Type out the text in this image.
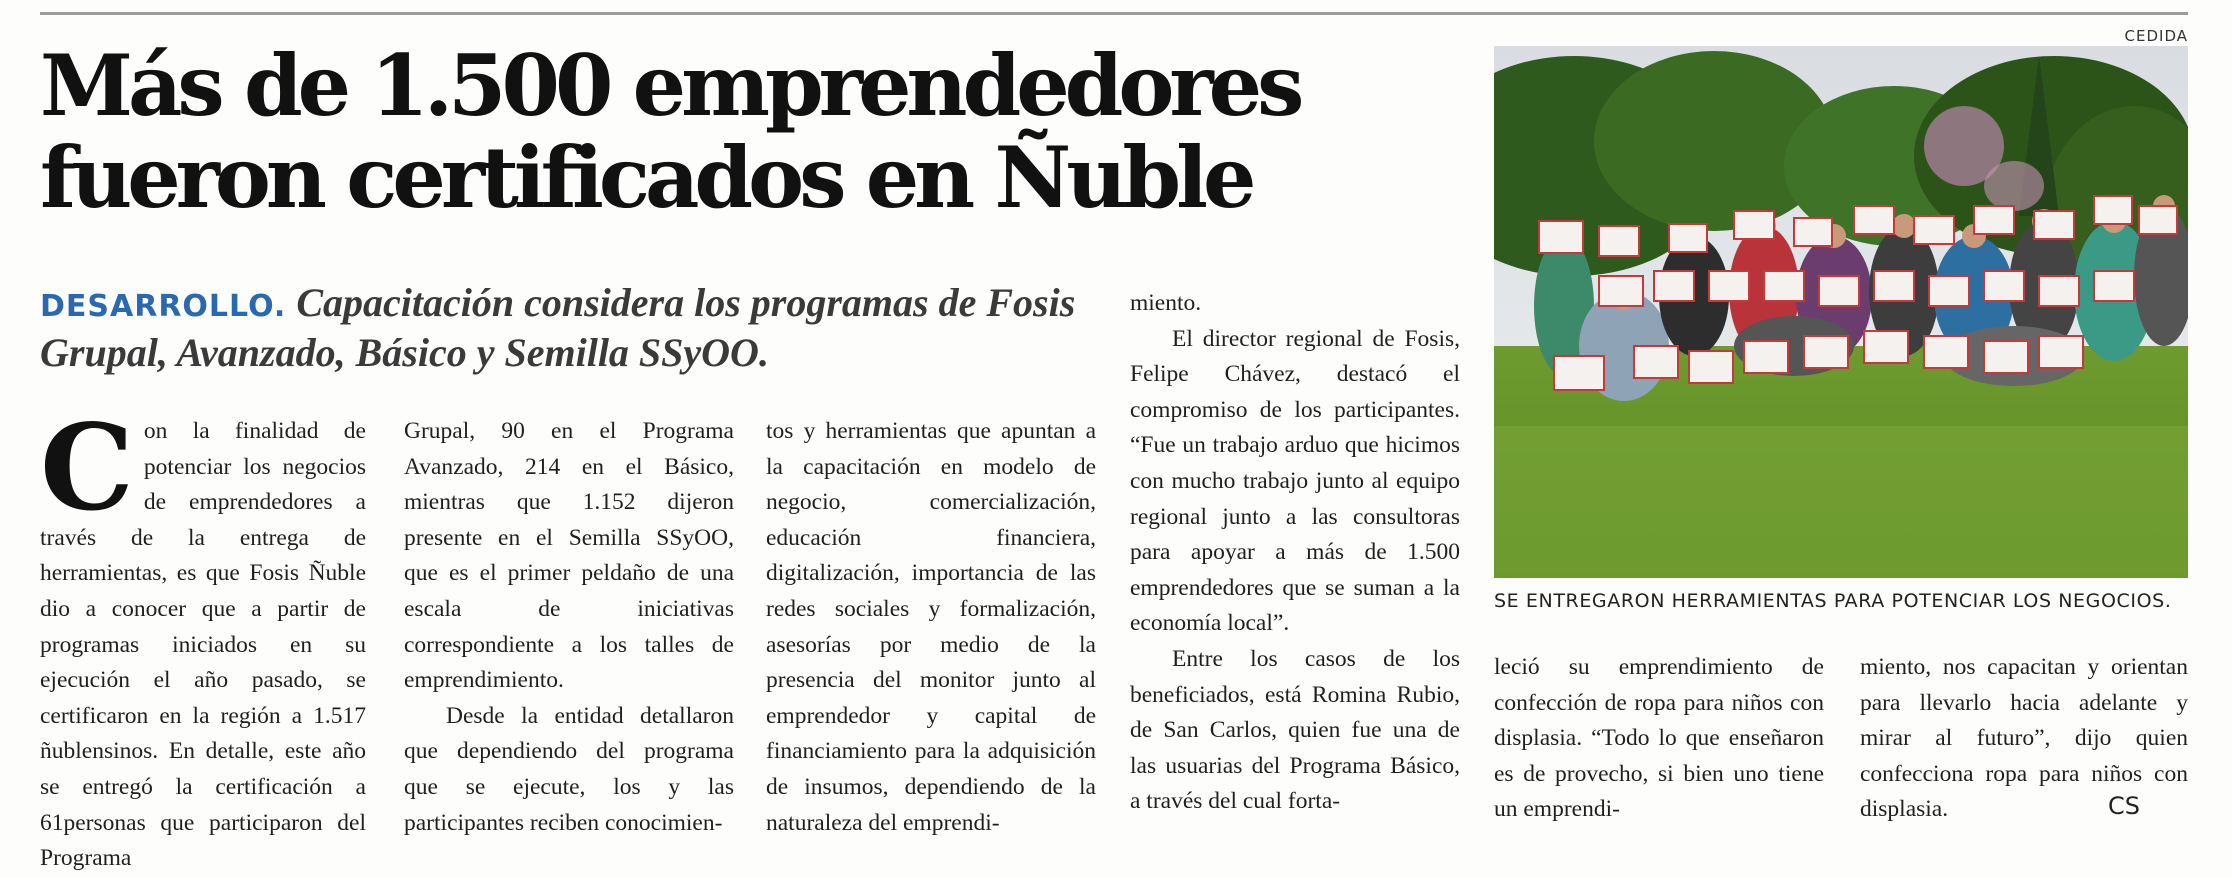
Más de 1.500 emprendedores fueron certificados en Ñuble
DESARROLLO. Capacitación considera los programas de Fosis Grupal, Avanzado, Básico y Semilla SSyOO.

Con la finalidad de potenciar los negocios de emprendedores a través de la entrega de herramientas, es que Fosis Ñuble dio a conocer que a partir de programas iniciados en su ejecución el año pasado, se certificaron en la región a 1.517 ñublensinos. En detalle, este año se entregó la certificación a 61personas que participaron del Programa

Grupal, 90 en el Programa Avanzado, 214 en el Básico, mientras que 1.152 dijeron presente en el Semilla SSyOO, que es el primer peldaño de una escala de iniciativas correspondiente a los talles de emprendimiento.

Desde la entidad detallaron que dependiendo del programa que se ejecute, los y las participantes reciben conocimien-

tos y herramientas que apuntan a la capacitación en modelo de negocio, comercialización, educación financiera, digitalización, importancia de las redes sociales y formalización, asesorías por medio de la presencia del monitor junto al emprendedor y capital de financiamiento para la adquisición de insumos, dependiendo de la naturaleza del emprendi-

miento.

El director regional de Fosis, Felipe Chávez, destacó el compromiso de los participantes. “Fue un trabajo arduo que hicimos con mucho trabajo junto al equipo regional junto a las consultoras para apoyar a más de 1.500 emprendedores que se suman a la economía local”.

Entre los casos de los beneficiados, está Romina Rubio, de San Carlos, quien fue una de las usuarias del Programa Básico, a través del cual forta-

leció su emprendimiento de confección de ropa para niños con displasia. “Todo lo que enseñaron es de provecho, si bien uno tiene un emprendi-

miento, nos capacitan y orientan para llevarlo hacia adelante y mirar al futuro”, dijo quien confecciona ropa para niños con displasia.

CEDIDA
SE ENTREGARON HERRAMIENTAS PARA POTENCIAR LOS NEGOCIOS.
CS
